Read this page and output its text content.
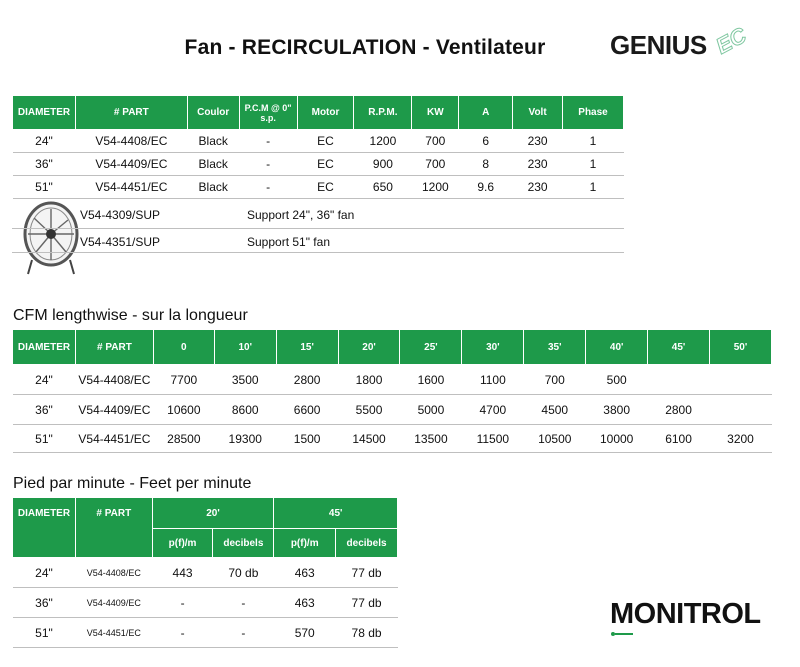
Fan - RECIRCULATION - Ventilateur	GENIUS EC
DIAMETER	# PART	Coulor	P.C.M @ 0" s.p.	Motor	R.P.M.	KW	A	Volt	Phase
24"	V54-4408/EC	Black	-	EC	1200	700	6	230	1
36"	V54-4409/EC	Black	-	EC	900	700	8	230	1
51"	V54-4451/EC	Black	-	EC	650	1200	9.6	230	1
V54-4309/SUP	Support 24", 36" fan
V54-4351/SUP	Support 51" fan
CFM lengthwise - sur la longueur
DIAMETER	# PART	0	10'	15'	20'	25'	30'	35'	40'	45'	50'
24"	V54-4408/EC	7700	3500	2800	1800	1600	1100	700	500		
36"	V54-4409/EC	10600	8600	6600	5500	5000	4700	4500	3800	2800	
51"	V54-4451/EC	28500	19300	1500	14500	13500	11500	10500	10000	6100	3200
Pied par minute - Feet per minute
DIAMETER	# PART	20'		45'	
		p(f)/m	decibels	p(f)/m	decibels
24"	V54-4408/EC	443	70 db	463	77 db
36"	V54-4409/EC	-	-	463	77 db
51"	V54-4451/EC	-	-	570	78 db
MONITROL
